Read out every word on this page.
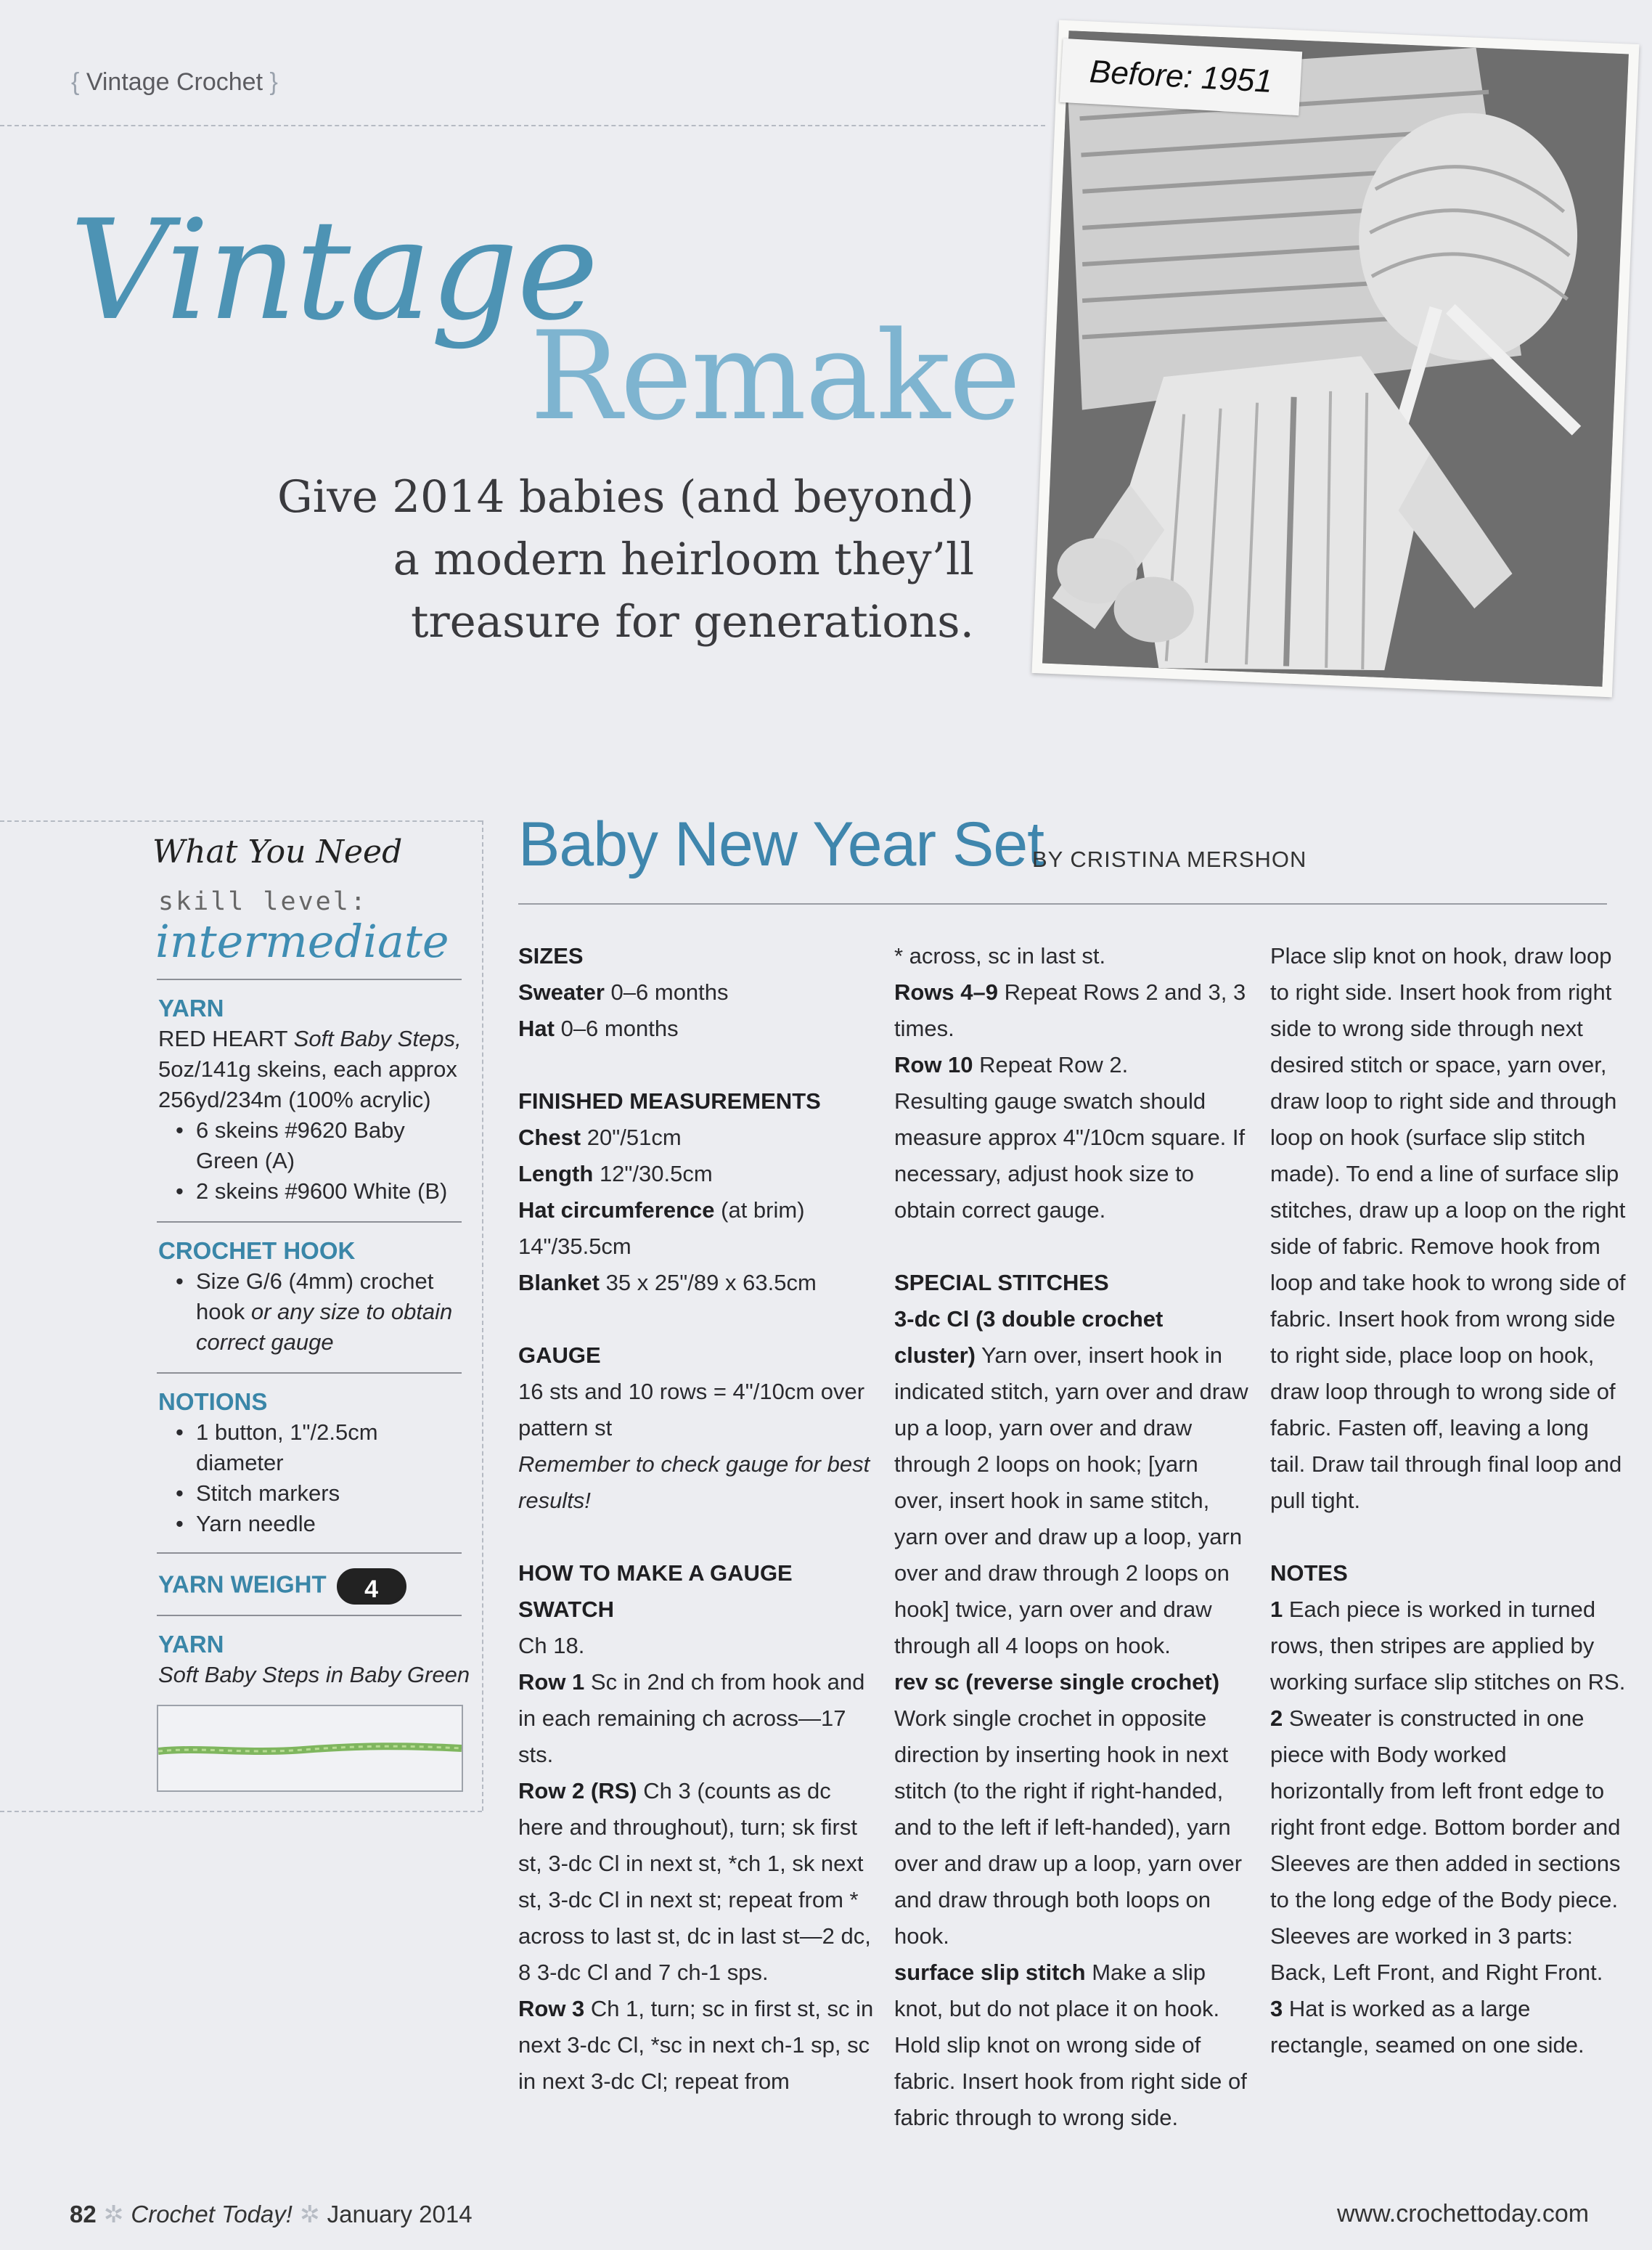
{ Vintage Crochet }
Vintage
Remake
Give 2014 babies (and beyond)
a modern heirloom they’ll
treasure for generations.
Before: 1951
What You Need
skill level:
intermediate
YARN
RED HEART Soft Baby Steps,
5oz/141g skeins, each approx
256yd/234m (100% acrylic)
• 6 skeins #9620 Baby Green (A)
• 2 skeins #9600 White (B)
CROCHET HOOK
• Size G/6 (4mm) crochet hook or any size to obtain correct gauge
NOTIONS
• 1 button, 1"/2.5cm diameter
• Stitch markers
• Yarn needle
YARN WEIGHT 4
YARN
Soft Baby Steps in Baby Green
Baby New Year Set
BY CRISTINA MERSHON

SIZES

Sweater 0–6 months

Hat 0–6 months

FINISHED MEASUREMENTS

Chest 20"/51cm

Length 12"/30.5cm

Hat circumference (at brim) 14"/35.5cm

Blanket 35 x 25"/89 x 63.5cm

GAUGE

16 sts and 10 rows = 4"/10cm over pattern st

Remember to check gauge for best results!

HOW TO MAKE A GAUGE SWATCH

Ch 18.

Row 1 Sc in 2nd ch from hook and in each remaining ch across—17 sts.

Row 2 (RS) Ch 3 (counts as dc here and throughout), turn; sk first st, 3-dc Cl in next st, *ch 1, sk next st, 3-dc Cl in next st; repeat from * across to last st, dc in last st—2 dc, 8 3-dc Cl and 7 ch-1 sps.

Row 3 Ch 1, turn; sc in first st, sc in next 3-dc Cl, *sc in next ch-1 sp, sc in next 3-dc Cl; repeat from

* across, sc in last st.

Rows 4–9 Repeat Rows 2 and 3, 3 times.

Row 10 Repeat Row 2.

Resulting gauge swatch should measure approx 4"/10cm square. If necessary, adjust hook size to obtain correct gauge.

SPECIAL STITCHES

3-dc Cl (3 double crochet cluster) Yarn over, insert hook in indicated stitch, yarn over and draw up a loop, yarn over and draw through 2 loops on hook; [yarn over, insert hook in same stitch, yarn over and draw up a loop, yarn over and draw through 2 loops on hook] twice, yarn over and draw through all 4 loops on hook.

rev sc (reverse single crochet) Work single crochet in opposite direction by inserting hook in next stitch (to the right if right-handed, and to the left if left-handed), yarn over and draw up a loop, yarn over and draw through both loops on hook.

surface slip stitch Make a slip knot, but do not place it on hook. Hold slip knot on wrong side of fabric. Insert hook from right side of fabric through to wrong side.

Place slip knot on hook, draw loop to right side. Insert hook from right side to wrong side through next desired stitch or space, yarn over, draw loop to right side and through loop on hook (surface slip stitch made). To end a line of surface slip stitches, draw up a loop on the right side of fabric. Remove hook from loop and take hook to wrong side of fabric. Insert hook from wrong side to right side, place loop on hook, draw loop through to wrong side of fabric. Fasten off, leaving a long tail. Draw tail through final loop and pull tight.

NOTES

1 Each piece is worked in turned rows, then stripes are applied by working surface slip stitches on RS.

2 Sweater is constructed in one piece with Body worked horizontally from left front edge to right front edge. Bottom border and Sleeves are then added in sections to the long edge of the Body piece. Sleeves are worked in 3 parts: Back, Left Front, and Right Front.

3 Hat is worked as a large rectangle, seamed on one side.

82 ✲ Crochet Today! ✲ January 2014	www.crochettoday.com
